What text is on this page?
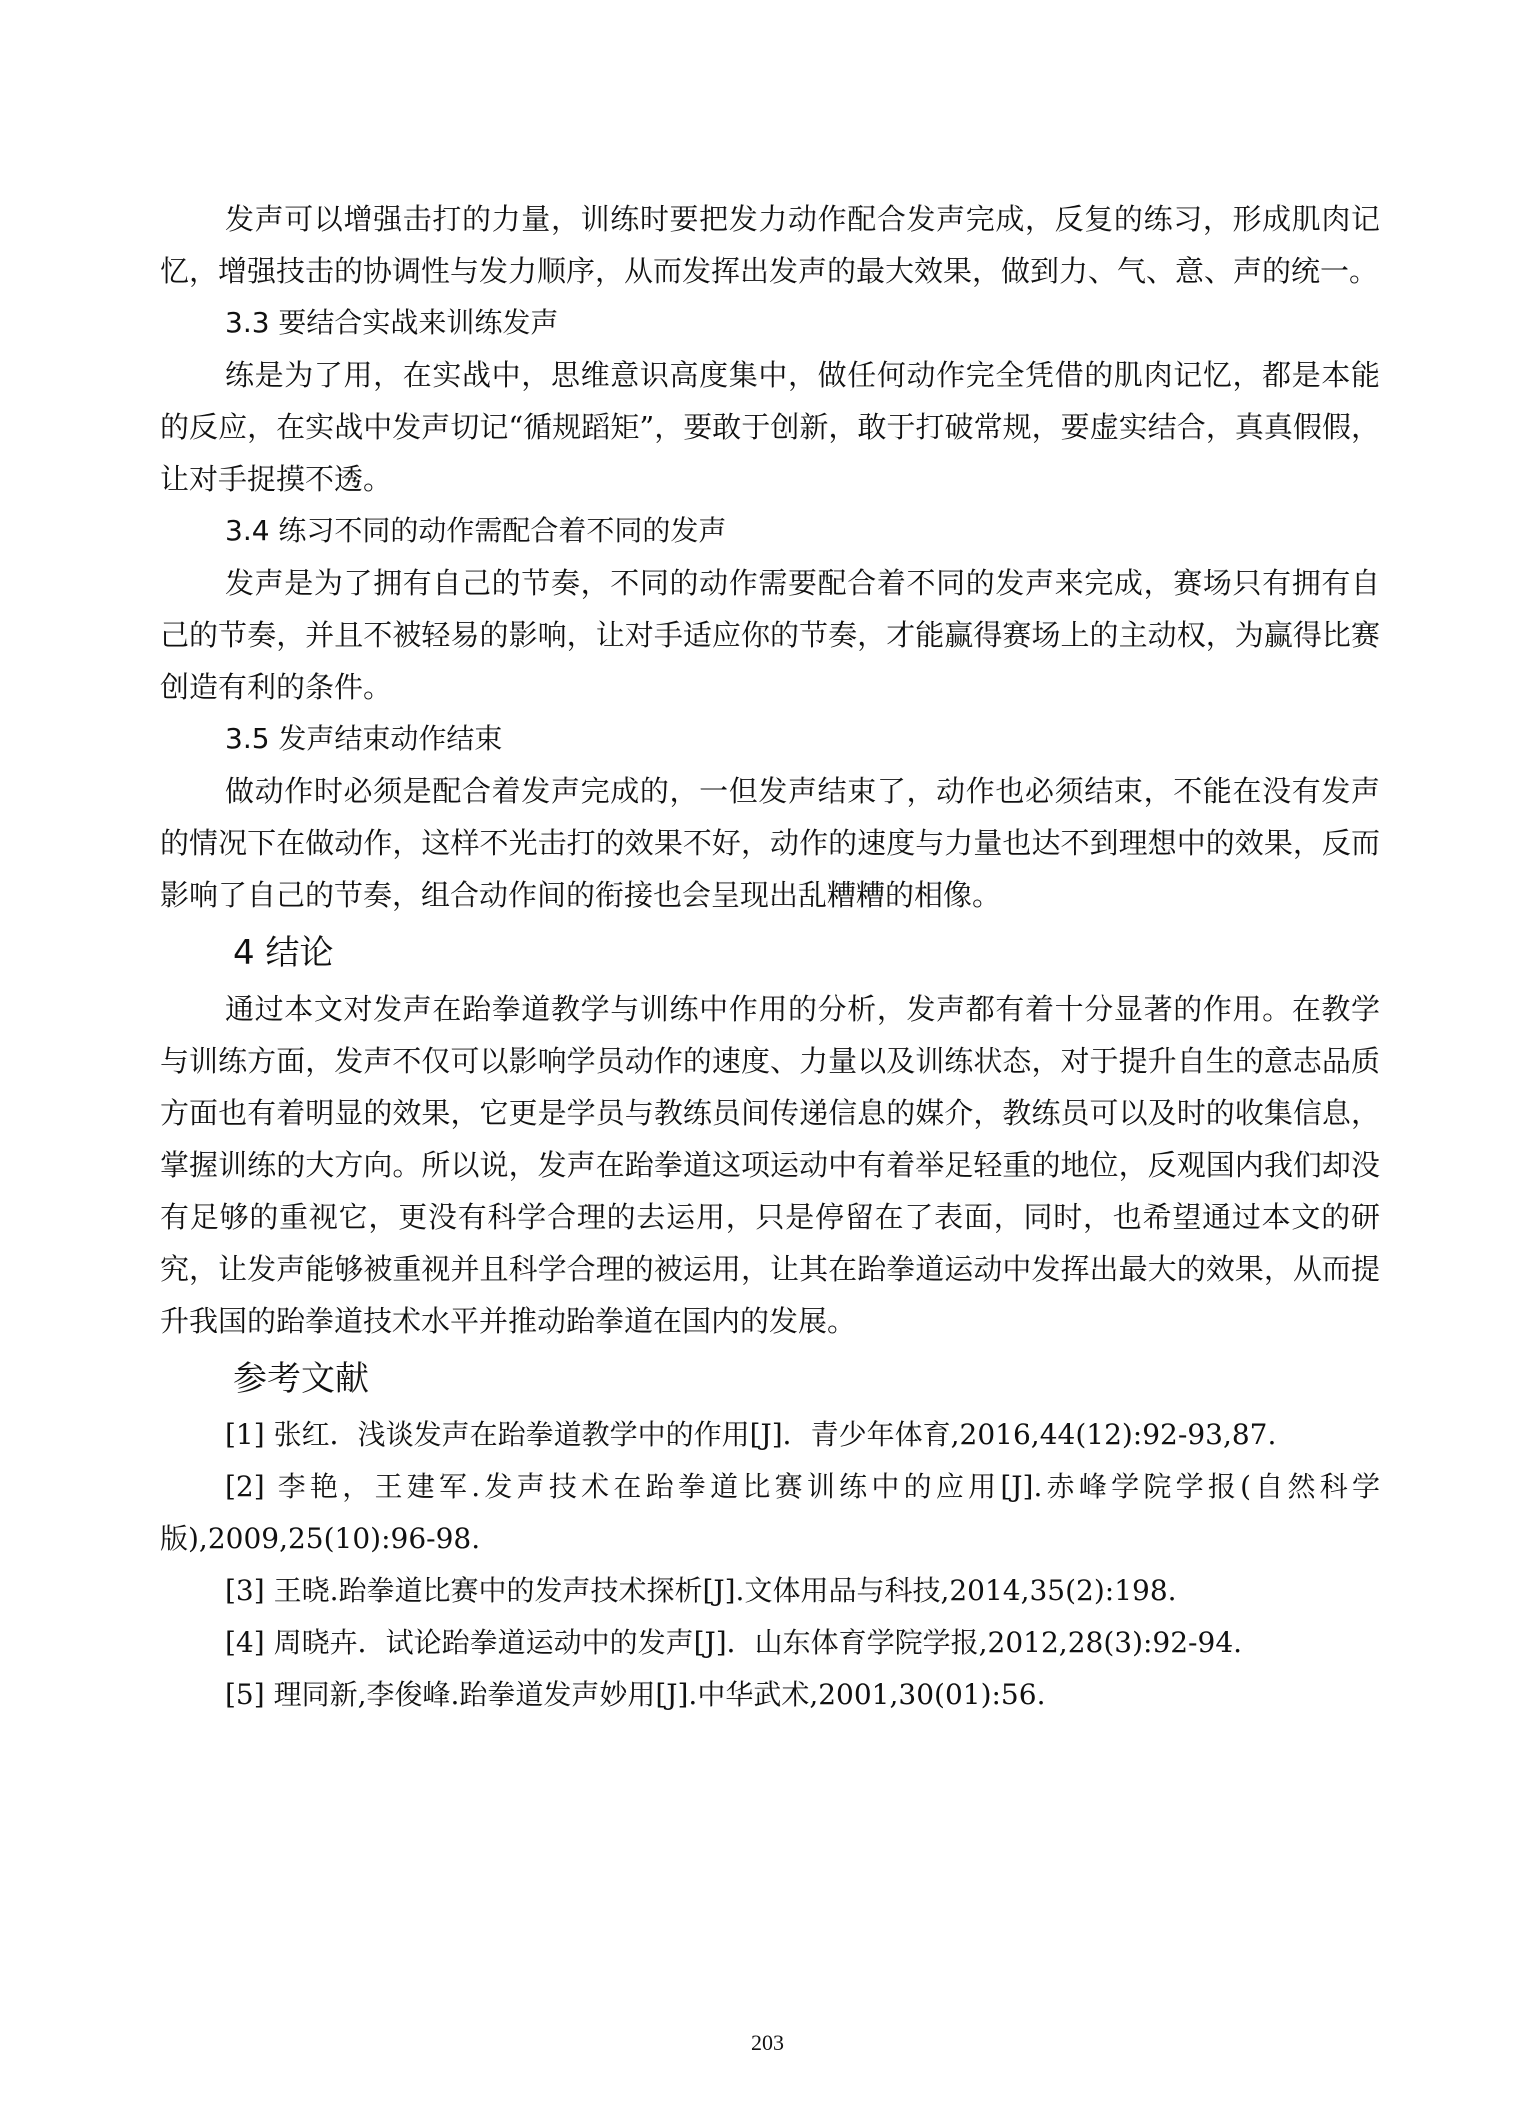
发声可以增强击打的力量，训练时要把发力动作配合发声完成，反复的练习，形成肌肉记忆，增强技击的协调性与发力顺序，从而发挥出发声的最大效果，做到力、气、意、声的统一。

3.3 要结合实战来训练发声

练是为了用，在实战中，思维意识高度集中，做任何动作完全凭借的肌肉记忆，都是本能的反应，在实战中发声切记“循规蹈矩”，要敢于创新，敢于打破常规，要虚实结合，真真假假，让对手捉摸不透。

3.4 练习不同的动作需配合着不同的发声

发声是为了拥有自己的节奏，不同的动作需要配合着不同的发声来完成，赛场只有拥有自己的节奏，并且不被轻易的影响，让对手适应你的节奏，才能赢得赛场上的主动权，为赢得比赛创造有利的条件。

3.5 发声结束动作结束

做动作时必须是配合着发声完成的，一但发声结束了，动作也必须结束，不能在没有发声的情况下在做动作，这样不光击打的效果不好，动作的速度与力量也达不到理想中的效果，反而影响了自己的节奏，组合动作间的衔接也会呈现出乱糟糟的相像。

4 结论

通过本文对发声在跆拳道教学与训练中作用的分析，发声都有着十分显著的作用。在教学与训练方面，发声不仅可以影响学员动作的速度、力量以及训练状态，对于提升自生的意志品质方面也有着明显的效果，它更是学员与教练员间传递信息的媒介，教练员可以及时的收集信息，掌握训练的大方向。所以说，发声在跆拳道这项运动中有着举足轻重的地位，反观国内我们却没有足够的重视它，更没有科学合理的去运用，只是停留在了表面，同时，也希望通过本文的研究，让发声能够被重视并且科学合理的被运用，让其在跆拳道运动中发挥出最大的效果，从而提升我国的跆拳道技术水平并推动跆拳道在国内的发展。

参考文献

[1] 张红．浅谈发声在跆拳道教学中的作用[J]．青少年体育,2016,44(12):92-93,87.

[2] 李艳，王建军.发声技术在跆拳道比赛训练中的应用[J].赤峰学院学报(自然科学版),2009,25(10):96-98.

[3] 王晓.跆拳道比赛中的发声技术探析[J].文体用品与科技,2014,35(2):198.

[4] 周晓卉．试论跆拳道运动中的发声[J]．山东体育学院学报,2012,28(3):92-94.

[5] 理同新,李俊峰.跆拳道发声妙用[J].中华武术,2001,30(01):56.

203
